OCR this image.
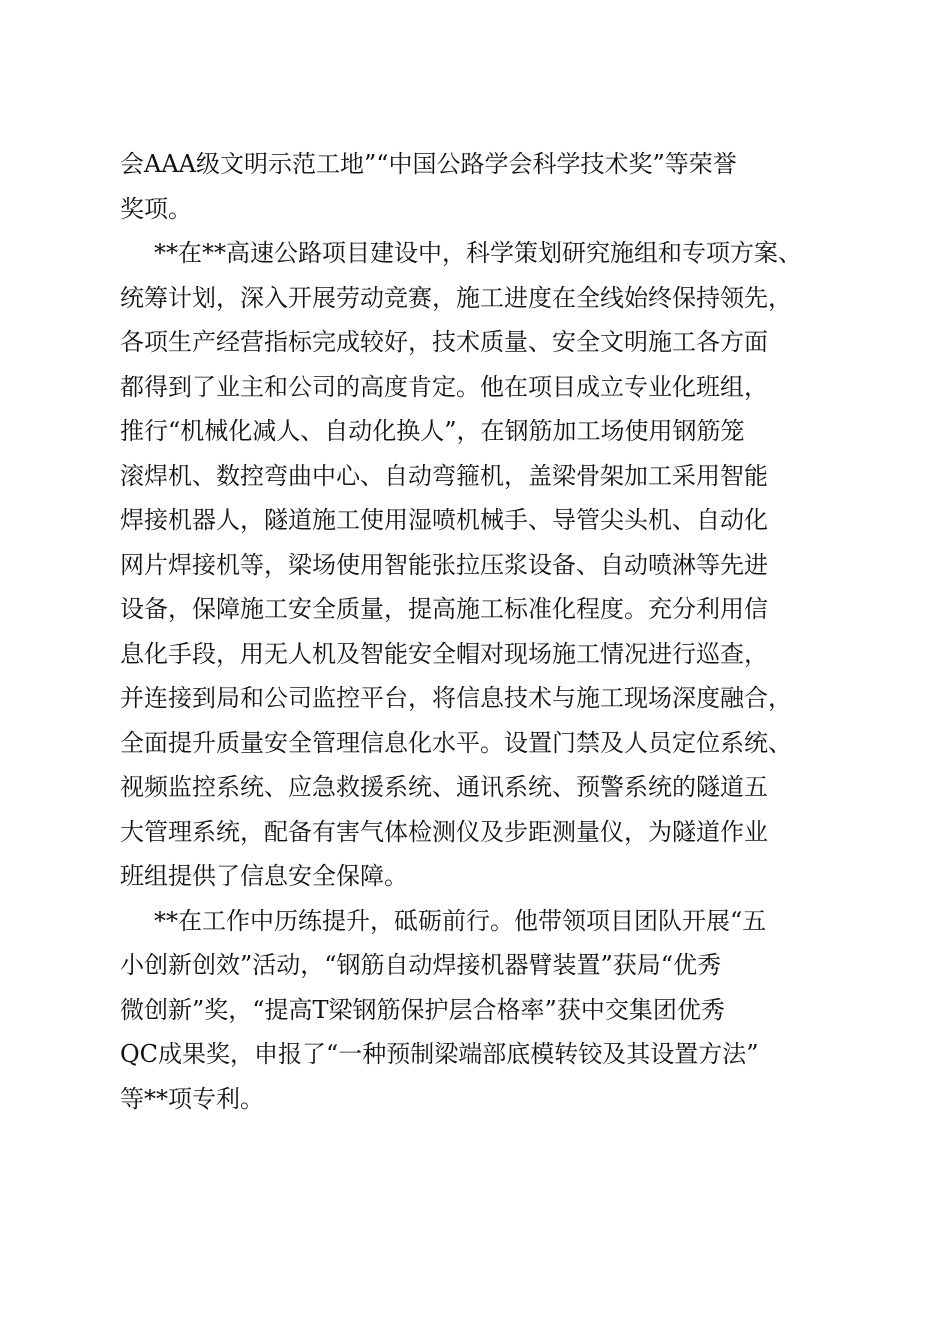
会AAA级文明示范工地”“中国公路学会科学技术奖”等荣誉
奖项。
**在**高速公路项目建设中，科学策划研究施组和专项方案、
统筹计划，深入开展劳动竞赛，施工进度在全线始终保持领先，
各项生产经营指标完成较好，技术质量、安全文明施工各方面
都得到了业主和公司的高度肯定。他在项目成立专业化班组，
推行“机械化减人、自动化换人”，在钢筋加工场使用钢筋笼
滚焊机、数控弯曲中心、自动弯箍机，盖梁骨架加工采用智能
焊接机器人，隧道施工使用湿喷机械手、导管尖头机、自动化
网片焊接机等，梁场使用智能张拉压浆设备、自动喷淋等先进
设备，保障施工安全质量，提高施工标准化程度。充分利用信
息化手段，用无人机及智能安全帽对现场施工情况进行巡查，
并连接到局和公司监控平台，将信息技术与施工现场深度融合，
全面提升质量安全管理信息化水平。设置门禁及人员定位系统、
视频监控系统、应急救援系统、通讯系统、预警系统的隧道五
大管理系统，配备有害气体检测仪及步距测量仪，为隧道作业
班组提供了信息安全保障。
**在工作中历练提升，砥砺前行。他带领项目团队开展“五
小创新创效”活动，“钢筋自动焊接机器臂装置”获局“优秀
微创新”奖，“提高T梁钢筋保护层合格率”获中交集团优秀
QC成果奖，申报了“一种预制梁端部底模转铰及其设置方法”
等**项专利。
